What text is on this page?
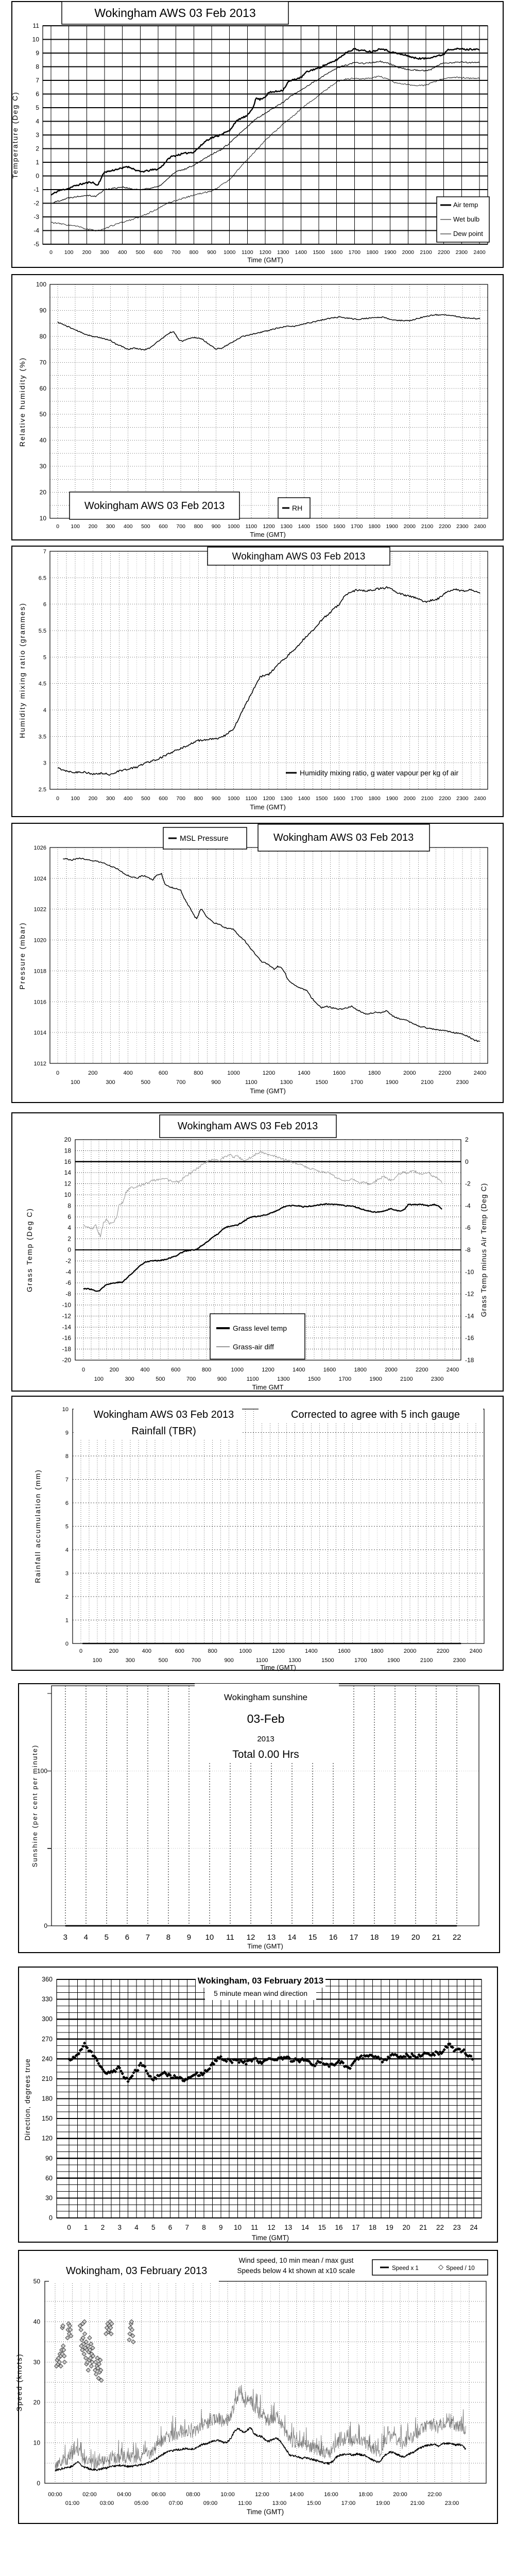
Wokingham AWS 03 Feb 2013
Air temp
Wet bulb
Dew point
-5
-4
-3
-2
-1
0
1
2
3
4
5
6
7
8
9
10
11
0 100 200 300 400 500 600 700 800 900 1000 1100 1200 1300 1400 1500 1600 1700 1800 1900 2000 2100 2200 2300 2400
Time (GMT)
Temperature (Deg C)
Wokingham AWS 03 Feb 2013	RH
10
20
30
40
50
60
70
80
90
100
0 100 200 300 400 500 600 700 800 900 1000 1100 1200 1300 1400 1500 1600 1700 1800 1900 2000 2100 2200 2300 2400
Time (GMT)
Relative humidity (%)
Wokingham AWS 03 Feb 2013
Humidity mixing ratio, g water vapour per kg of air
2.5
3
3.5
4
4.5
5
5.5
6
6.5
7
0 100 200 300 400 500 600 700 800 900 1000 1100 1200 1300 1400 1500 1600 1700 1800 1900 2000 2100 2200 2300 2400
Time (GMT)
Humidity mixing ratio (grammes)
MSL Pressure	Wokingham AWS 03 Feb 2013
1012
1014
1016
1018
1020
1022
1024
1026
0	200	400	600	800	1000	1200	1400	1600	1800	2000	2200	2400
100	300	500	700	900	1100	1300	1500	1700	1900	2100	2300
Time (GMT)
Pressure (mbar)
Wokingham AWS 03 Feb 2013
Grass level temp
Grass-air diff
-20
-18
-16
-14
-12
-10
-8
-6
-4
-2
0
2
4
6
8
10
12
14
16
18
20	2
0
-2
-4
-6
-8
-10
-12
-14
-16
-18
0	200	400	600	800	1000	1200	1400	1600	1800	2000	2200	2400
100	300	500	700	900	1100	1300	1500	1700	1900	2100	2300
Time GMT
Grass Temp (Deg C)	Grass Temp minus Air Temp (Deg C)
Wokingham AWS 03 Feb 2013
Rainfall (TBR)
Corrected to agree with 5 inch gauge
0
1
2
3
4
5
6
7
8
9
10
0	200	400	600	800	1000	1200	1400	1600	1800	2000	2200	2400
100	300	500	700	900	1100	1300	1500	1700	1900	2100	2300
Time (GMT)
Rainfall accumulation (mm)
Wokingham sunshine
03-Feb
2013
Total 0.00 Hrs
0
100
3 4 5 6 7 8 9 10 11 12 13 14 15 16 17 18 19 20 21 22
Time (GMT)
Sunshine (per cent per minute)
Wokingham, 03 February 2013
5 minute mean wind direction
0
30
60
90
120
150
180
210
240
270
300
330
360
0 1 2 3 4 5 6 7 8 9 10 11 12 13 14 15 16 17 18 19 20 21 22 23 24
Time (GMT)
Direction, degrees true
Wokingham, 03 February 2013
Wind speed, 10 min mean / max gust
Speeds below 4 kt shown at x10 scale	Speed x 1	Speed / 10
0
10
20
30
40
50
00:00	02:00	04:00	06:00	08:00	10:00	12:00	14:00	16:00	18:00	20:00	22:00
01:00	03:00	05:00	07:00	09:00	11:00	13:00	15:00	17:00	19:00	21:00	23:00
Time (GMT)
Speed (knots)
